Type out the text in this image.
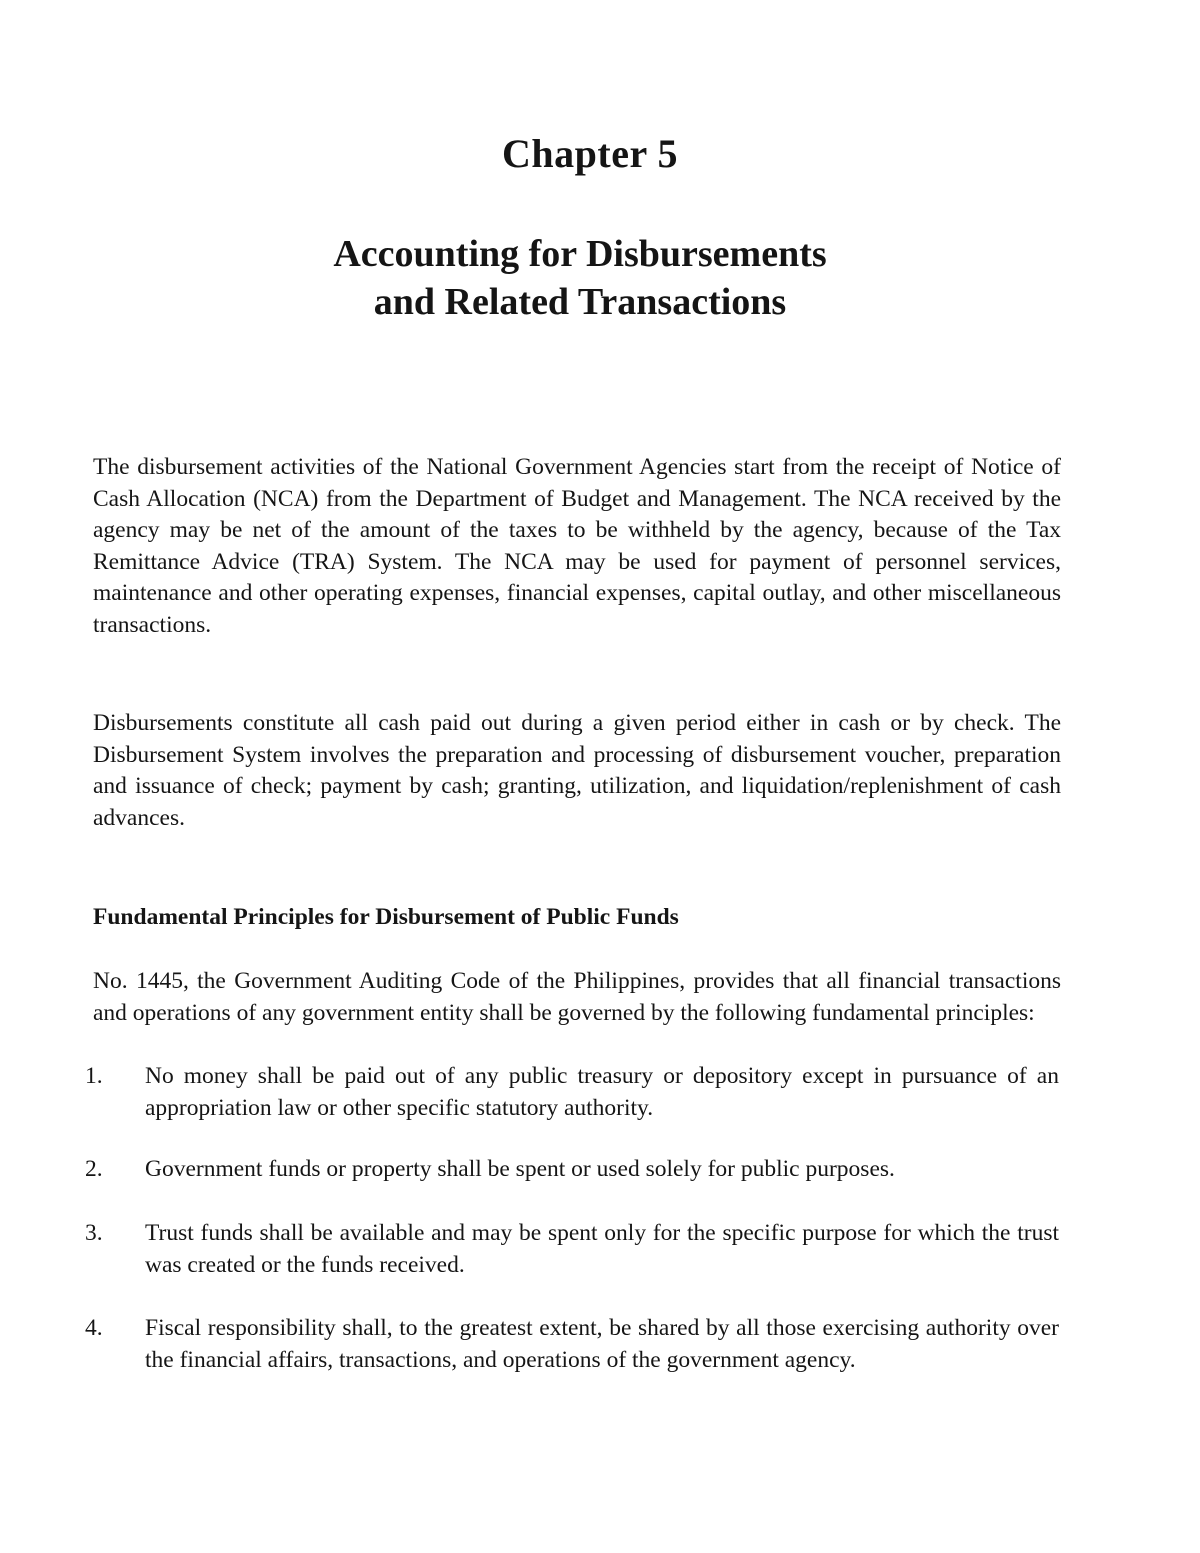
Chapter 5
Accounting for Disbursements
and Related Transactions

The disbursement activities of the National Government Agencies start from the receipt of Notice of Cash Allocation (NCA) from the Department of Budget and Management. The NCA received by the agency may be net of the amount of the taxes to be withheld by the agency, because of the Tax Remittance Advice (TRA) System. The NCA may be used for payment of personnel services, maintenance and other operating expenses, financial expenses, capital outlay, and other miscellaneous transactions.

Disbursements constitute all cash paid out during a given period either in cash or by check. The Disbursement System involves the preparation and processing of disbursement voucher, preparation and issuance of check; payment by cash; granting, utilization, and liquidation/replenishment of cash advances.

Fundamental Principles for Disbursement of Public Funds

No. 1445, the Government Auditing Code of the Philippines, provides that all financial transactions and operations of any government entity shall be governed by the following fundamental principles:

1.	No money shall be paid out of any public treasury or depository except in pursuance of an appropriation law or other specific statutory authority.
2.	Government funds or property shall be spent or used solely for public purposes.
3.	Trust funds shall be available and may be spent only for the specific purpose for which the trust was created or the funds received.
4.	Fiscal responsibility shall, to the greatest extent, be shared by all those exercising authority over the financial affairs, transactions, and operations of the government agency.
